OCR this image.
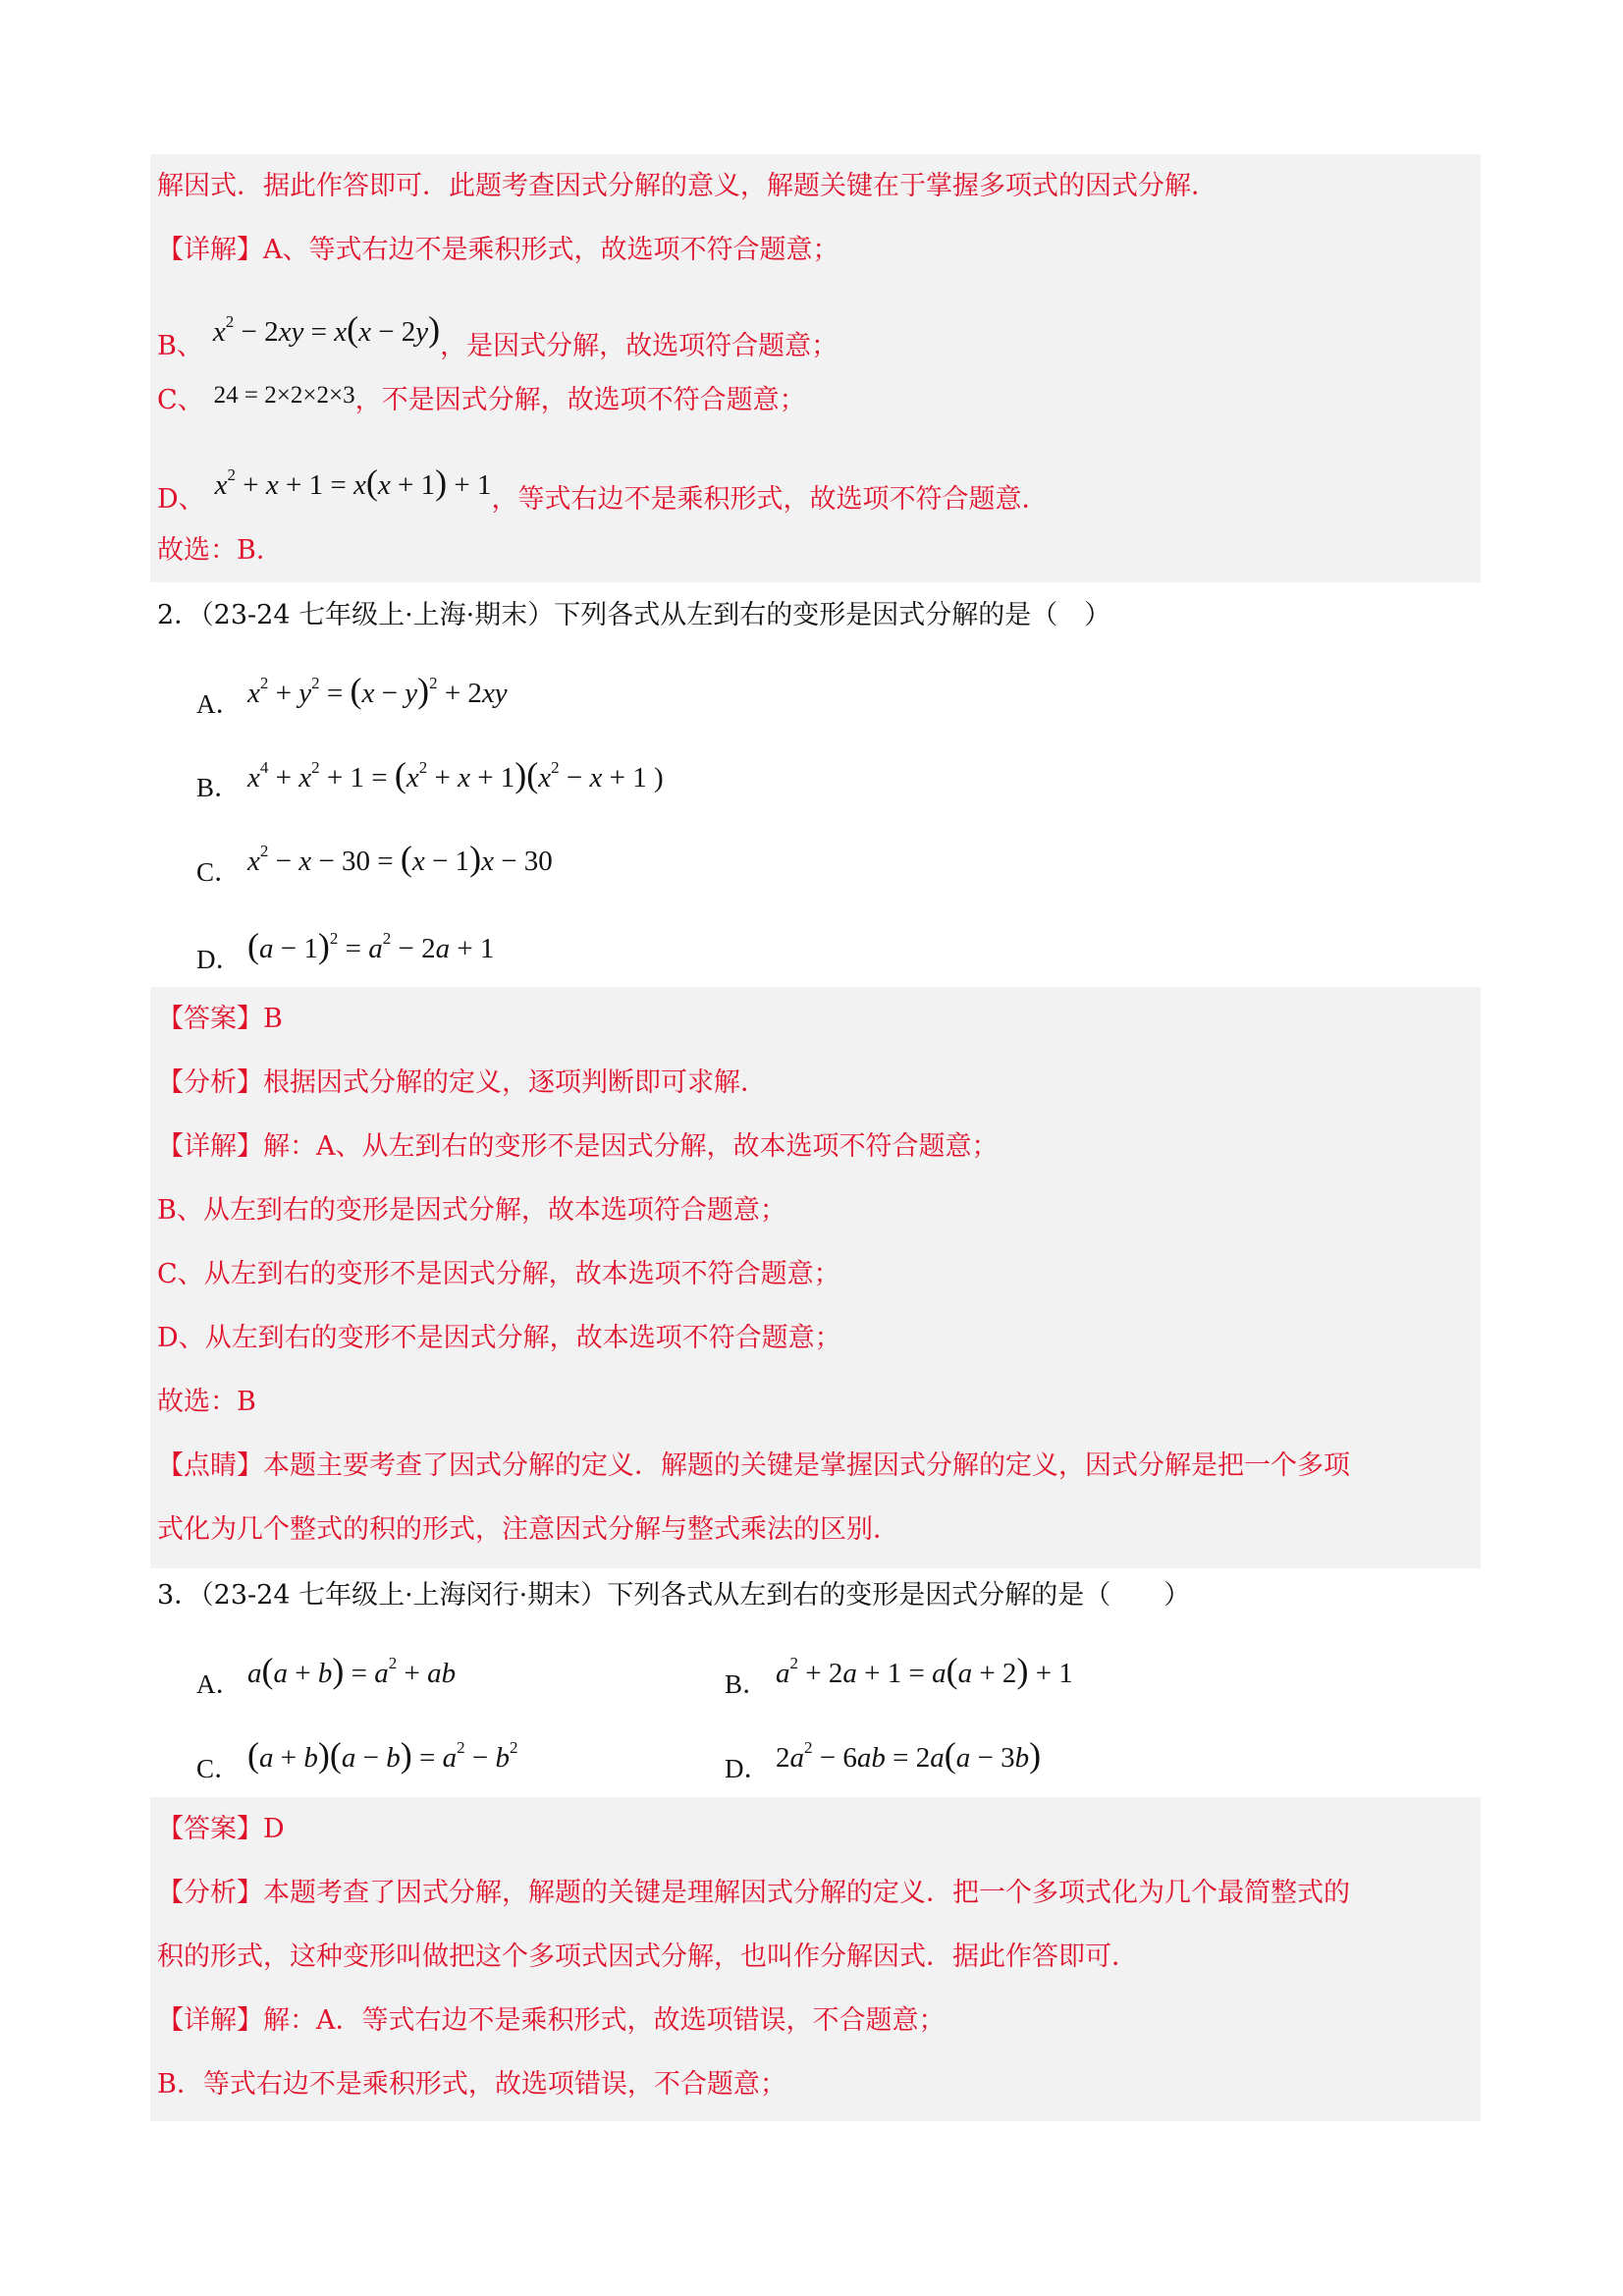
解因式．据此作答即可．此题考查因式分解的意义，解题关键在于掌握多项式的因式分解．
【详解】A、等式右边不是乘积形式，故选项不符合题意；
B、 $x^2 - 2xy = x(x - 2y)$，是因式分解，故选项符合题意；
C、 24 = 2×2×2×3，不是因式分解，故选项不符合题意；
D、 $x^2 + x + 1 = x(x + 1) + 1$，等式右边不是乘积形式，故选项不符合题意．
故选：B．
2．（23-24 七年级上·上海·期末）下列各式从左到右的变形是因式分解的是（　）
A． $x^2 + y^2 = (x - y)^2 + 2xy$
B． $x^4 + x^2 + 1 = (x^2 + x + 1)(x^2 - x + 1$ )
C． $x^2 - x - 30 = (x - 1)x - 30$
D． $(a - 1)^2 = a^2 - 2a + 1$
【答案】B
【分析】根据因式分解的定义，逐项判断即可求解．
【详解】解：A、从左到右的变形不是因式分解，故本选项不符合题意；
B、从左到右的变形是因式分解，故本选项符合题意；
C、从左到右的变形不是因式分解，故本选项不符合题意；
D、从左到右的变形不是因式分解，故本选项不符合题意；
故选：B
【点睛】本题主要考查了因式分解的定义．解题的关键是掌握因式分解的定义，因式分解是把一个多项
式化为几个整式的积的形式，注意因式分解与整式乘法的区别．
3．（23-24 七年级上·上海闵行·期末）下列各式从左到右的变形是因式分解的是（　　）
A． $a(a + b) = a^2$ + ab	B． $a^2 + 2a + 1 = a(a + 2) + 1$
C． $(a + b)(a - b) = a^2 - b^2$
D． $2a^2 - 6ab = 2a(a - 3b)$
【答案】D
【分析】本题考查了因式分解，解题的关键是理解因式分解的定义．把一个多项式化为几个最简整式的
积的形式，这种变形叫做把这个多项式因式分解，也叫作分解因式．据此作答即可．
【详解】解：A．等式右边不是乘积形式，故选项错误，不合题意；
B．等式右边不是乘积形式，故选项错误，不合题意；
